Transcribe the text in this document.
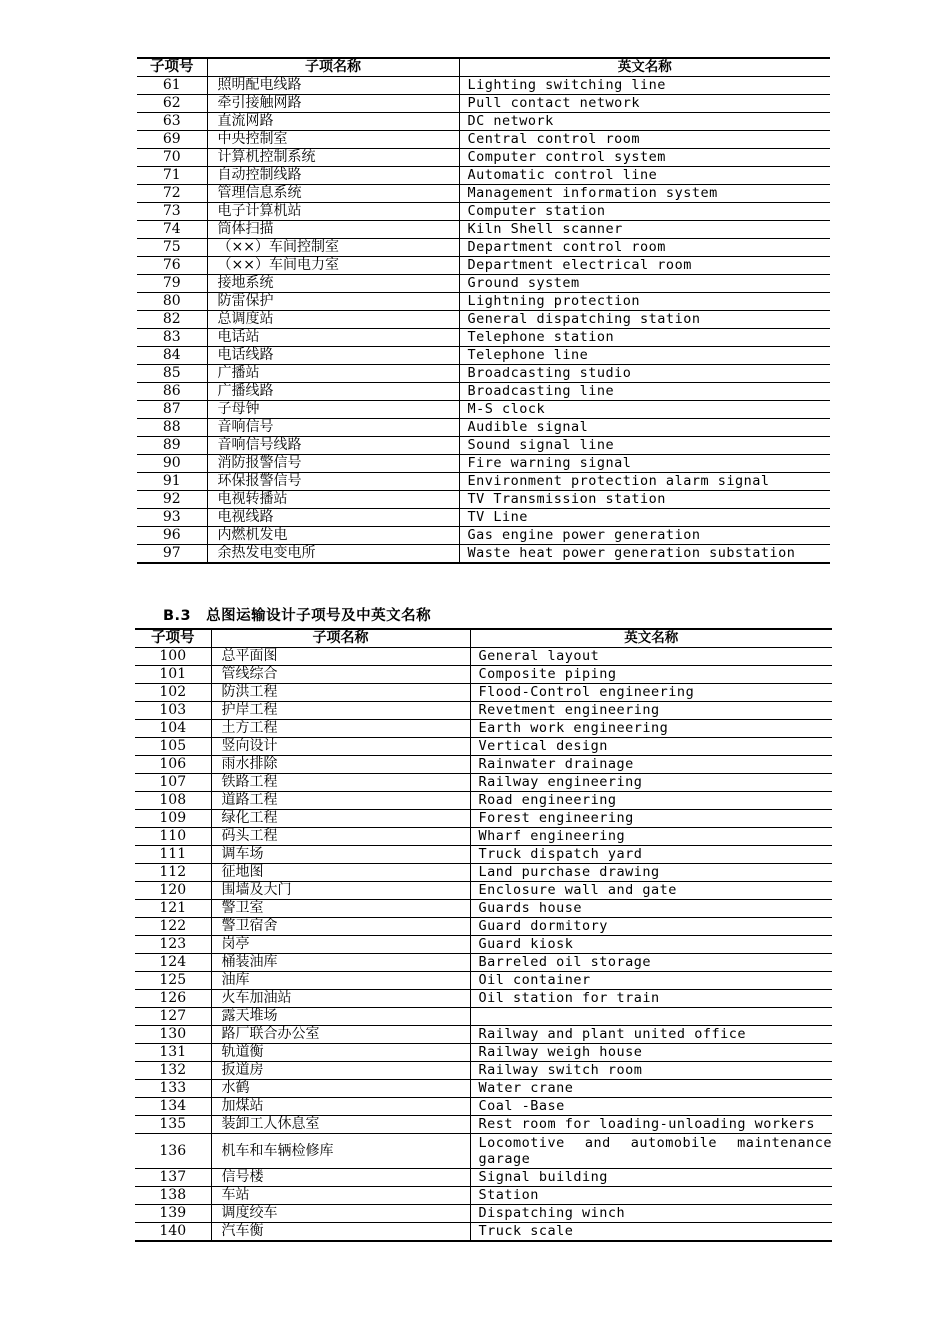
子项号	子项名称	英文名称
61	照明配电线路	Lighting switching line
62	牵引接触网路	Pull contact network
63	直流网路	DC network
69	中央控制室	Central control room
70	计算机控制系统	Computer control system
71	自动控制线路	Automatic control line
72	管理信息系统	Management information system
73	电子计算机站	Computer station
74	筒体扫描	Kiln Shell scanner
75	（××）车间控制室	Department control room
76	（××）车间电力室	Department electrical room
79	接地系统	Ground system
80	防雷保护	Lightning protection
82	总调度站	General dispatching station
83	电话站	Telephone station
84	电话线路	Telephone line
85	广播站	Broadcasting studio
86	广播线路	Broadcasting line
87	子母钟	M-S clock
88	音响信号	Audible signal
89	音响信号线路	Sound signal line
90	消防报警信号	Fire warning signal
91	环保报警信号	Environment protection alarm signal
92	电视转播站	TV Transmission station
93	电视线路	TV Line
96	内燃机发电	Gas engine power generation
97	余热发电变电所	Waste heat power generation substation
B.3　总图运输设计子项号及中英文名称
子项号	子项名称	英文名称
100	总平面图	General layout
101	管线综合	Composite piping
102	防洪工程	Flood-Control engineering
103	护岸工程	Revetment engineering
104	土方工程	Earth work engineering
105	竖向设计	Vertical design
106	雨水排除	Rainwater drainage
107	铁路工程	Railway engineering
108	道路工程	Road engineering
109	绿化工程	Forest engineering
110	码头工程	Wharf engineering
111	调车场	Truck dispatch yard
112	征地图	Land purchase drawing
120	围墙及大门	Enclosure wall and gate
121	警卫室	Guards house
122	警卫宿舍	Guard dormitory
123	岗亭	Guard kiosk
124	桶装油库	Barreled oil storage
125	油库	Oil container
126	火车加油站	Oil station for train
127	露天堆场	
130	路厂联合办公室	Railway and plant united office
131	轨道衡	Railway weigh house
132	扳道房	Railway switch room
133	水鹤	Water crane
134	加煤站	Coal -Base
135	装卸工人休息室	Rest room for loading-unloading workers
136	机车和车辆检修库	Locomotive and automobile maintenance garage
137	信号楼	Signal building
138	车站	Station
139	调度绞车	Dispatching winch
140	汽车衡	Truck scale
